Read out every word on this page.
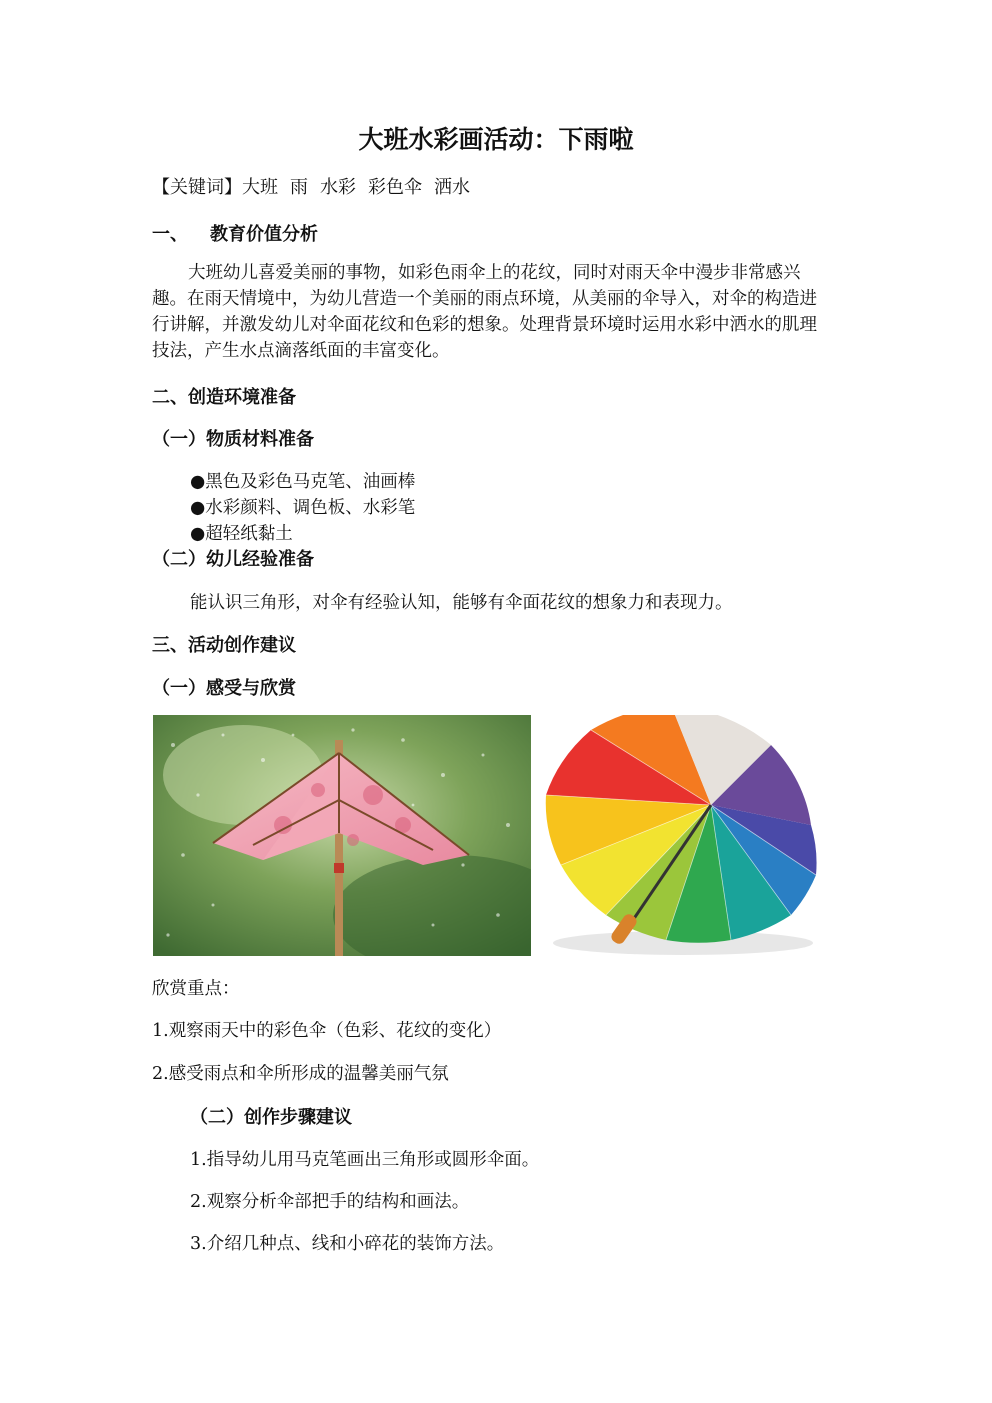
大班水彩画活动：下雨啦
【关键词】大班 雨 水彩 彩色伞 洒水
一、 教育价值分析
大班幼儿喜爱美丽的事物，如彩色雨伞上的花纹，同时对雨天伞中漫步非常感兴趣。在雨天情境中，为幼儿营造一个美丽的雨点环境，从美丽的伞导入，对伞的构造进行讲解，并激发幼儿对伞面花纹和色彩的想象。处理背景环境时运用水彩中洒水的肌理技法，产生水点滴落纸面的丰富变化。
二、创造环境准备
（一）物质材料准备
●黑色及彩色马克笔、油画棒
●水彩颜料、调色板、水彩笔
●超轻纸黏土
（二）幼儿经验准备
能认识三角形，对伞有经验认知，能够有伞面花纹的想象力和表现力。
三、活动创作建议
（一）感受与欣赏
欣赏重点：
1.观察雨天中的彩色伞（色彩、花纹的变化）
2.感受雨点和伞所形成的温馨美丽气氛
（二）创作步骤建议
1.指导幼儿用马克笔画出三角形或圆形伞面。
2.观察分析伞部把手的结构和画法。
3.介绍几种点、线和小碎花的装饰方法。
